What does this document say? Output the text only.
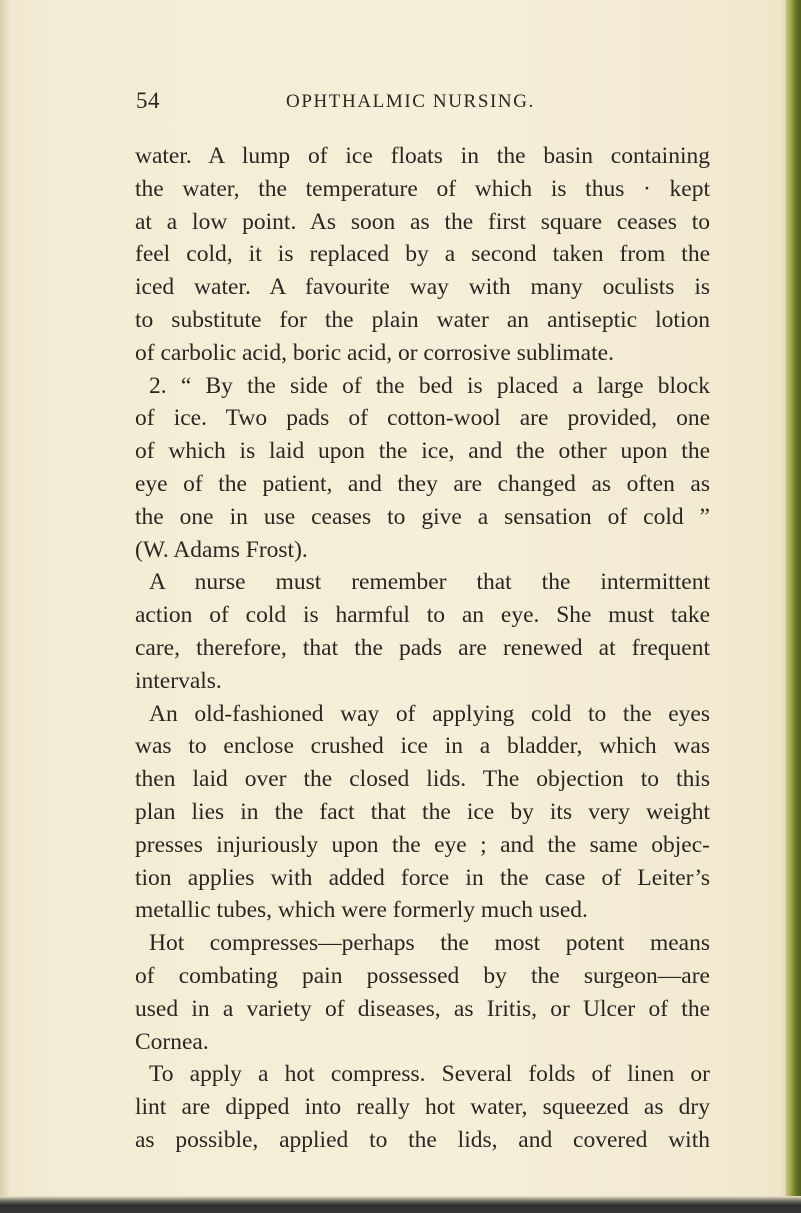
54	OPHTHALMIC NURSING.
water. A lump of ice floats in the basin containing
the water, the temperature of which is thus · kept
at a low point. As soon as the first square ceases to
feel cold, it is replaced by a second taken from the
iced water. A favourite way with many oculists is
to substitute for the plain water an antiseptic lotion
of carbolic acid, boric acid, or corrosive sublimate.
2. “ By the side of the bed is placed a large block
of ice. Two pads of cotton-wool are provided, one
of which is laid upon the ice, and the other upon the
eye of the patient, and they are changed as often as
the one in use ceases to give a sensation of cold ”
(W. Adams Frost).
A nurse must remember that the intermittent
action of cold is harmful to an eye. She must take
care, therefore, that the pads are renewed at frequent
intervals.
An old-fashioned way of applying cold to the eyes
was to enclose crushed ice in a bladder, which was
then laid over the closed lids. The objection to this
plan lies in the fact that the ice by its very weight
presses injuriously upon the eye ; and the same objec-
tion applies with added force in the case of Leiter’s
metallic tubes, which were formerly much used.
Hot compresses—perhaps the most potent means
of combating pain possessed by the surgeon—are
used in a variety of diseases, as Iritis, or Ulcer of the
Cornea.
To apply a hot compress. Several folds of linen or
lint are dipped into really hot water, squeezed as dry
as possible, applied to the lids, and covered with
